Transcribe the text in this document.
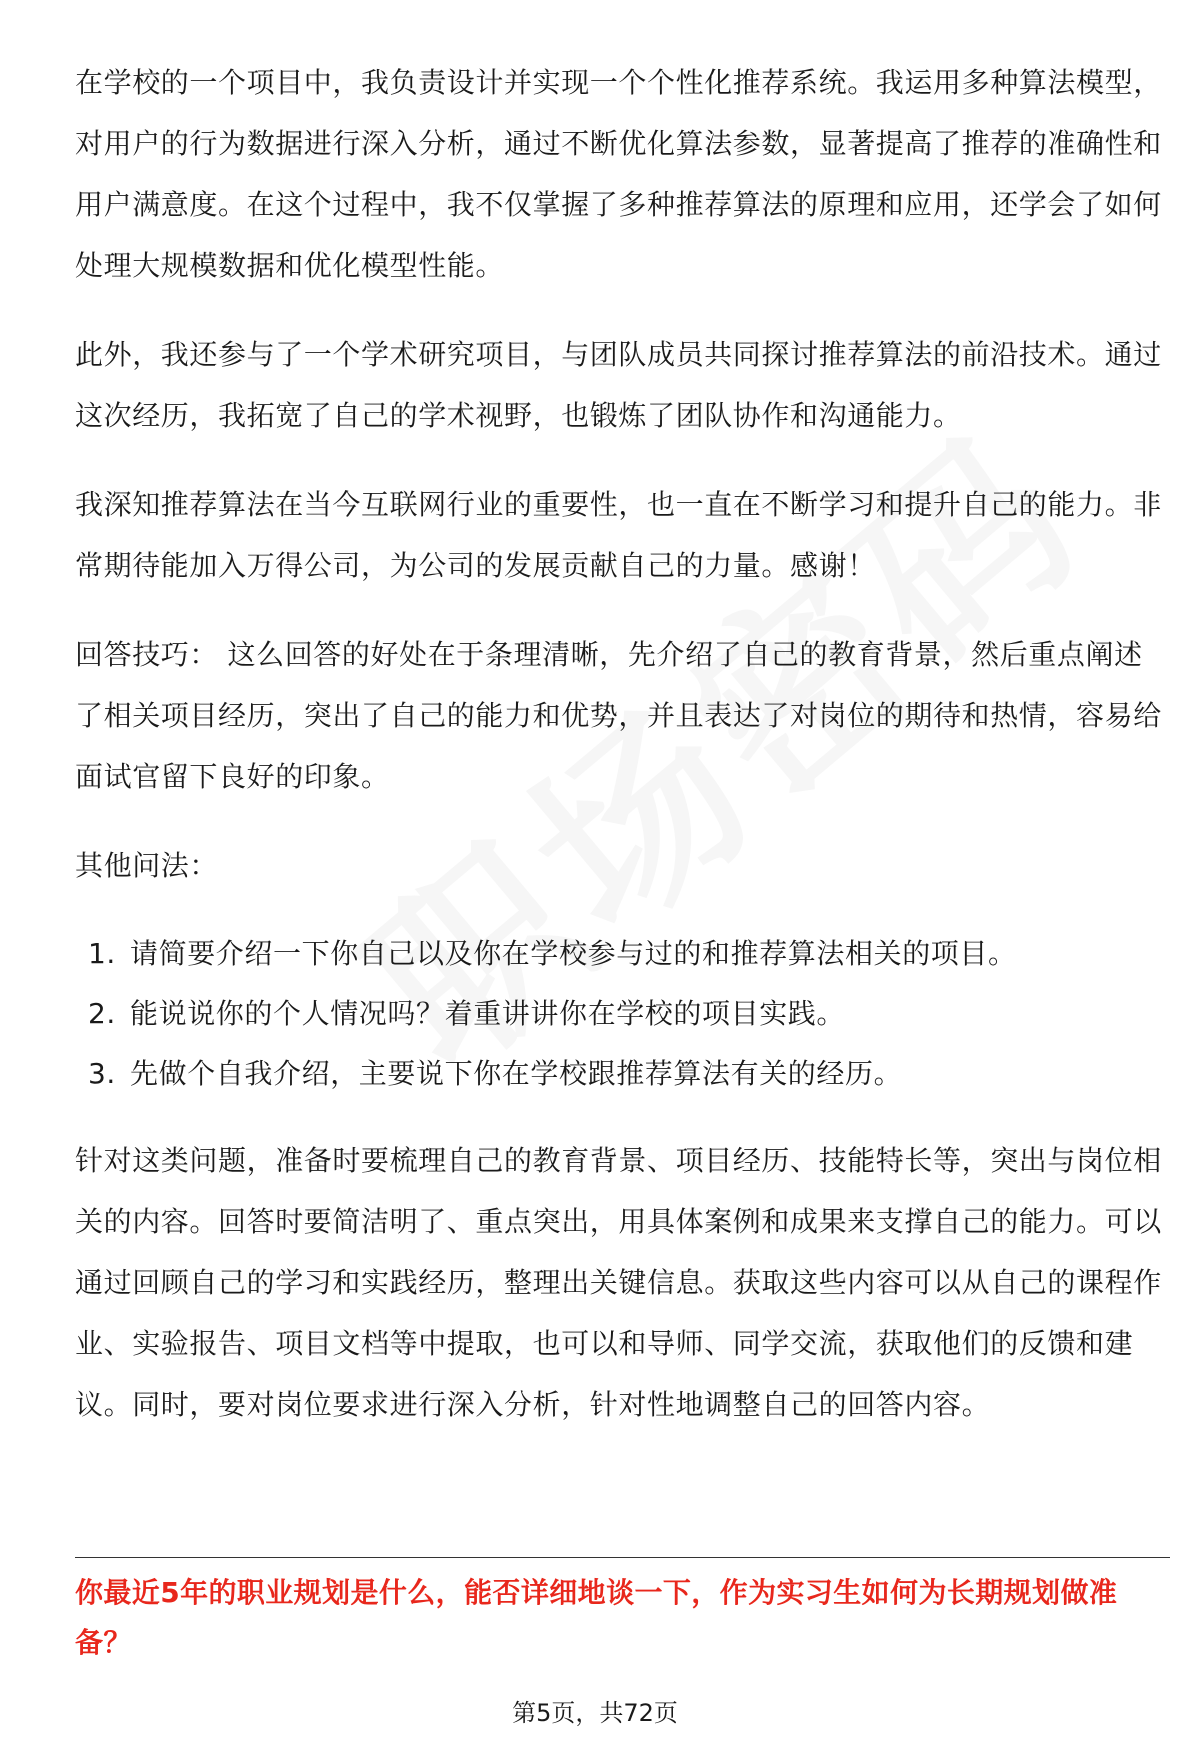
在学校的一个项目中，我负责设计并实现一个个性化推荐系统。我运用多种算法模型，对用户的行为数据进行深入分析，通过不断优化算法参数，显著提高了推荐的准确性和用户满意度。在这个过程中，我不仅掌握了多种推荐算法的原理和应用，还学会了如何处理大规模数据和优化模型性能。

此外，我还参与了一个学术研究项目，与团队成员共同探讨推荐算法的前沿技术。通过这次经历，我拓宽了自己的学术视野，也锻炼了团队协作和沟通能力。

我深知推荐算法在当今互联网行业的重要性，也一直在不断学习和提升自己的能力。非常期待能加入万得公司，为公司的发展贡献自己的力量。感谢！

回答技巧： 这么回答的好处在于条理清晰，先介绍了自己的教育背景，然后重点阐述了相关项目经历，突出了自己的能力和优势，并且表达了对岗位的期待和热情，容易给面试官留下良好的印象。

其他问法：

1. 请简要介绍一下你自己以及你在学校参与过的和推荐算法相关的项目。
2. 能说说你的个人情况吗？着重讲讲你在学校的项目实践。
3. 先做个自我介绍，主要说下你在学校跟推荐算法有关的经历。

针对这类问题，准备时要梳理自己的教育背景、项目经历、技能特长等，突出与岗位相关的内容。回答时要简洁明了、重点突出，用具体案例和成果来支撑自己的能力。可以通过回顾自己的学习和实践经历，整理出关键信息。获取这些内容可以从自己的课程作业、实验报告、项目文档等中提取，也可以和导师、同学交流，获取他们的反馈和建议。同时，要对岗位要求进行深入分析，针对性地调整自己的回答内容。

你最近5年的职业规划是什么，能否详细地谈一下，作为实习生如何为长期规划做准备？
第5页，共72页
